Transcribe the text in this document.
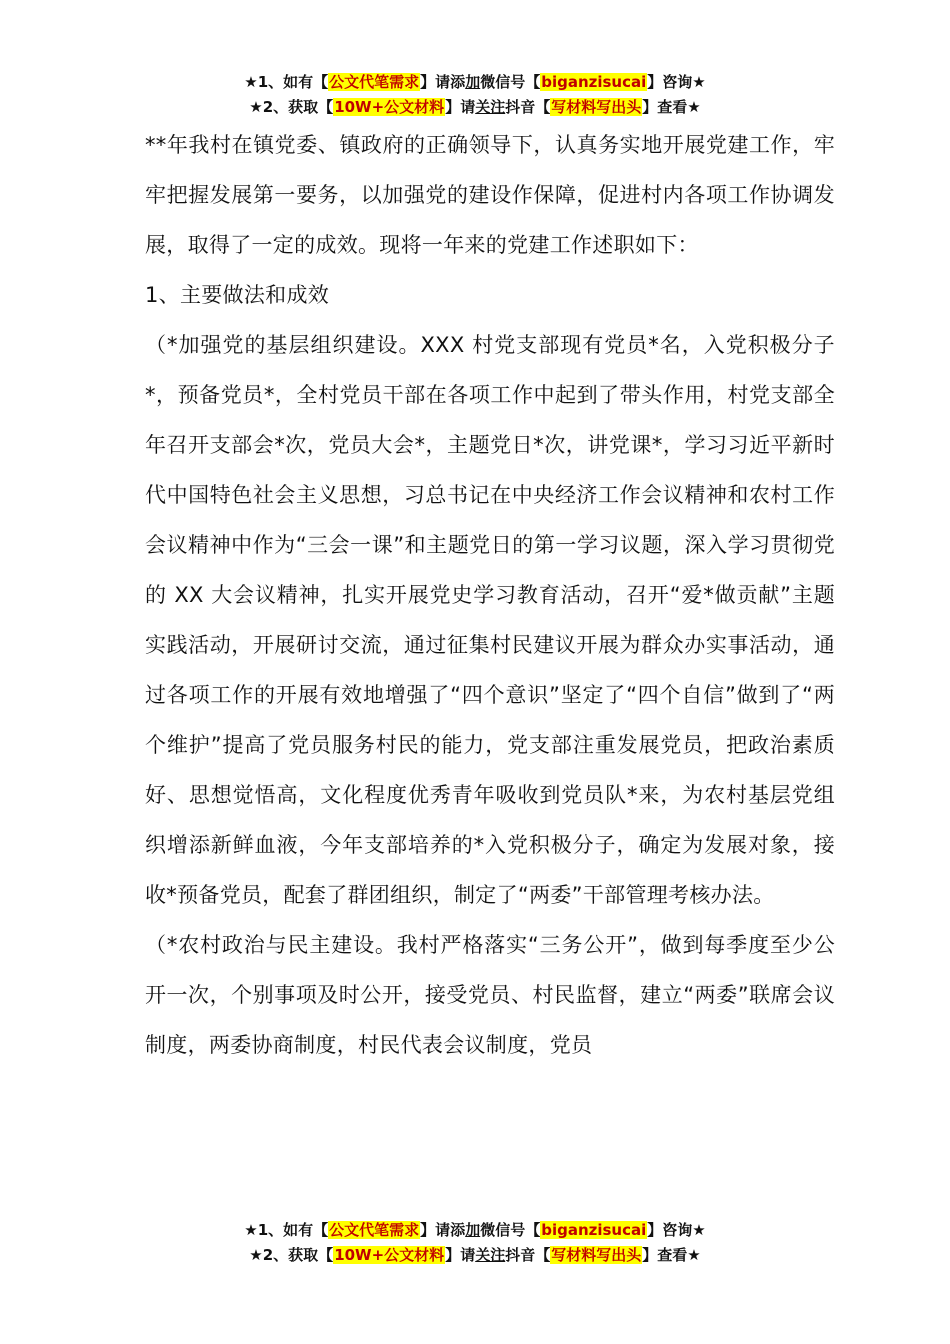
★1、如有【公文代笔需求】请添加微信号【biganzisucai】咨询★
★2、获取【10W+公文材料】请关注抖音【写材料写出头】查看★

**年我村在镇党委、镇政府的正确领导下，认真务实地开展党建工作，牢牢把握发展第一要务，以加强党的建设作保障，促进村内各项工作协调发展，取得了一定的成效。现将一年来的党建工作述职如下：

1、主要做法和成效

（*加强党的基层组织建设。XXX 村党支部现有党员*名，入党积极分子*，预备党员*，全村党员干部在各项工作中起到了带头作用，村党支部全年召开支部会*次，党员大会*，主题党日*次，讲党课*，学习习近平新时代中国特色社会主义思想，习总书记在中央经济工作会议精神和农村工作会议精神中作为“三会一课”和主题党日的第一学习议题，深入学习贯彻党的 XX 大会议精神，扎实开展党史学习教育活动，召开“爱*做贡献”主题实践活动，开展研讨交流，通过征集村民建议开展为群众办实事活动，通过各项工作的开展有效地增强了“四个意识”坚定了“四个自信”做到了“两个维护”提高了党员服务村民的能力，党支部注重发展党员，把政治素质好、思想觉悟高，文化程度优秀青年吸收到党员队*来，为农村基层党组织增添新鲜血液，今年支部培养的*入党积极分子，确定为发展对象，接收*预备党员，配套了群团组织，制定了“两委”干部管理考核办法。

（*农村政治与民主建设。我村严格落实“三务公开”，做到每季度至少公开一次，个别事项及时公开，接受党员、村民监督，建立“两委”联席会议制度，两委协商制度，村民代表会议制度，党员

★1、如有【公文代笔需求】请添加微信号【biganzisucai】咨询★
★2、获取【10W+公文材料】请关注抖音【写材料写出头】查看★
